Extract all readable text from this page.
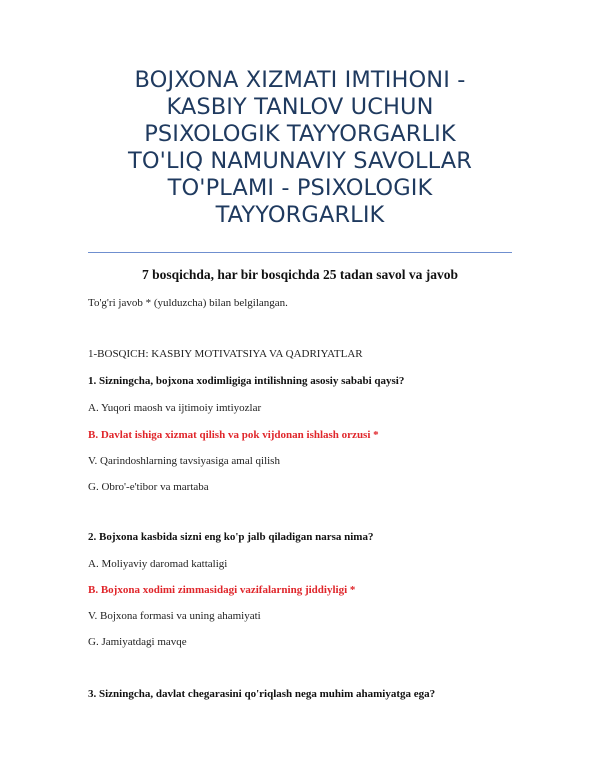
BOJXONA XIZMATI IMTIHONI -
KASBIY TANLOV UCHUN
PSIXOLOGIK TAYYORGARLIK
TO'LIQ NAMUNAVIY SAVOLLAR
TO'PLAMI - PSIXOLOGIK
TAYYORGARLIK
7 bosqichda, har bir bosqichda 25 tadan savol va javob
To'g'ri javob * (yulduzcha) bilan belgilangan.
1-BOSQICH: KASBIY MOTIVATSIYA VA QADRIYATLAR
1. Sizningcha, bojxona xodimligiga intilishning asosiy sababi qaysi?
A. Yuqori maosh va ijtimoiy imtiyozlar
B. Davlat ishiga xizmat qilish va pok vijdonan ishlash orzusi *
V. Qarindoshlarning tavsiyasiga amal qilish
G. Obro'-e'tibor va martaba
2. Bojxona kasbida sizni eng ko'p jalb qiladigan narsa nima?
A. Moliyaviy daromad kattaligi
B. Bojxona xodimi zimmasidagi vazifalarning jiddiyligi *
V. Bojxona formasi va uning ahamiyati
G. Jamiyatdagi mavqe
3. Sizningcha, davlat chegarasini qo'riqlash nega muhim ahamiyatga ega?
